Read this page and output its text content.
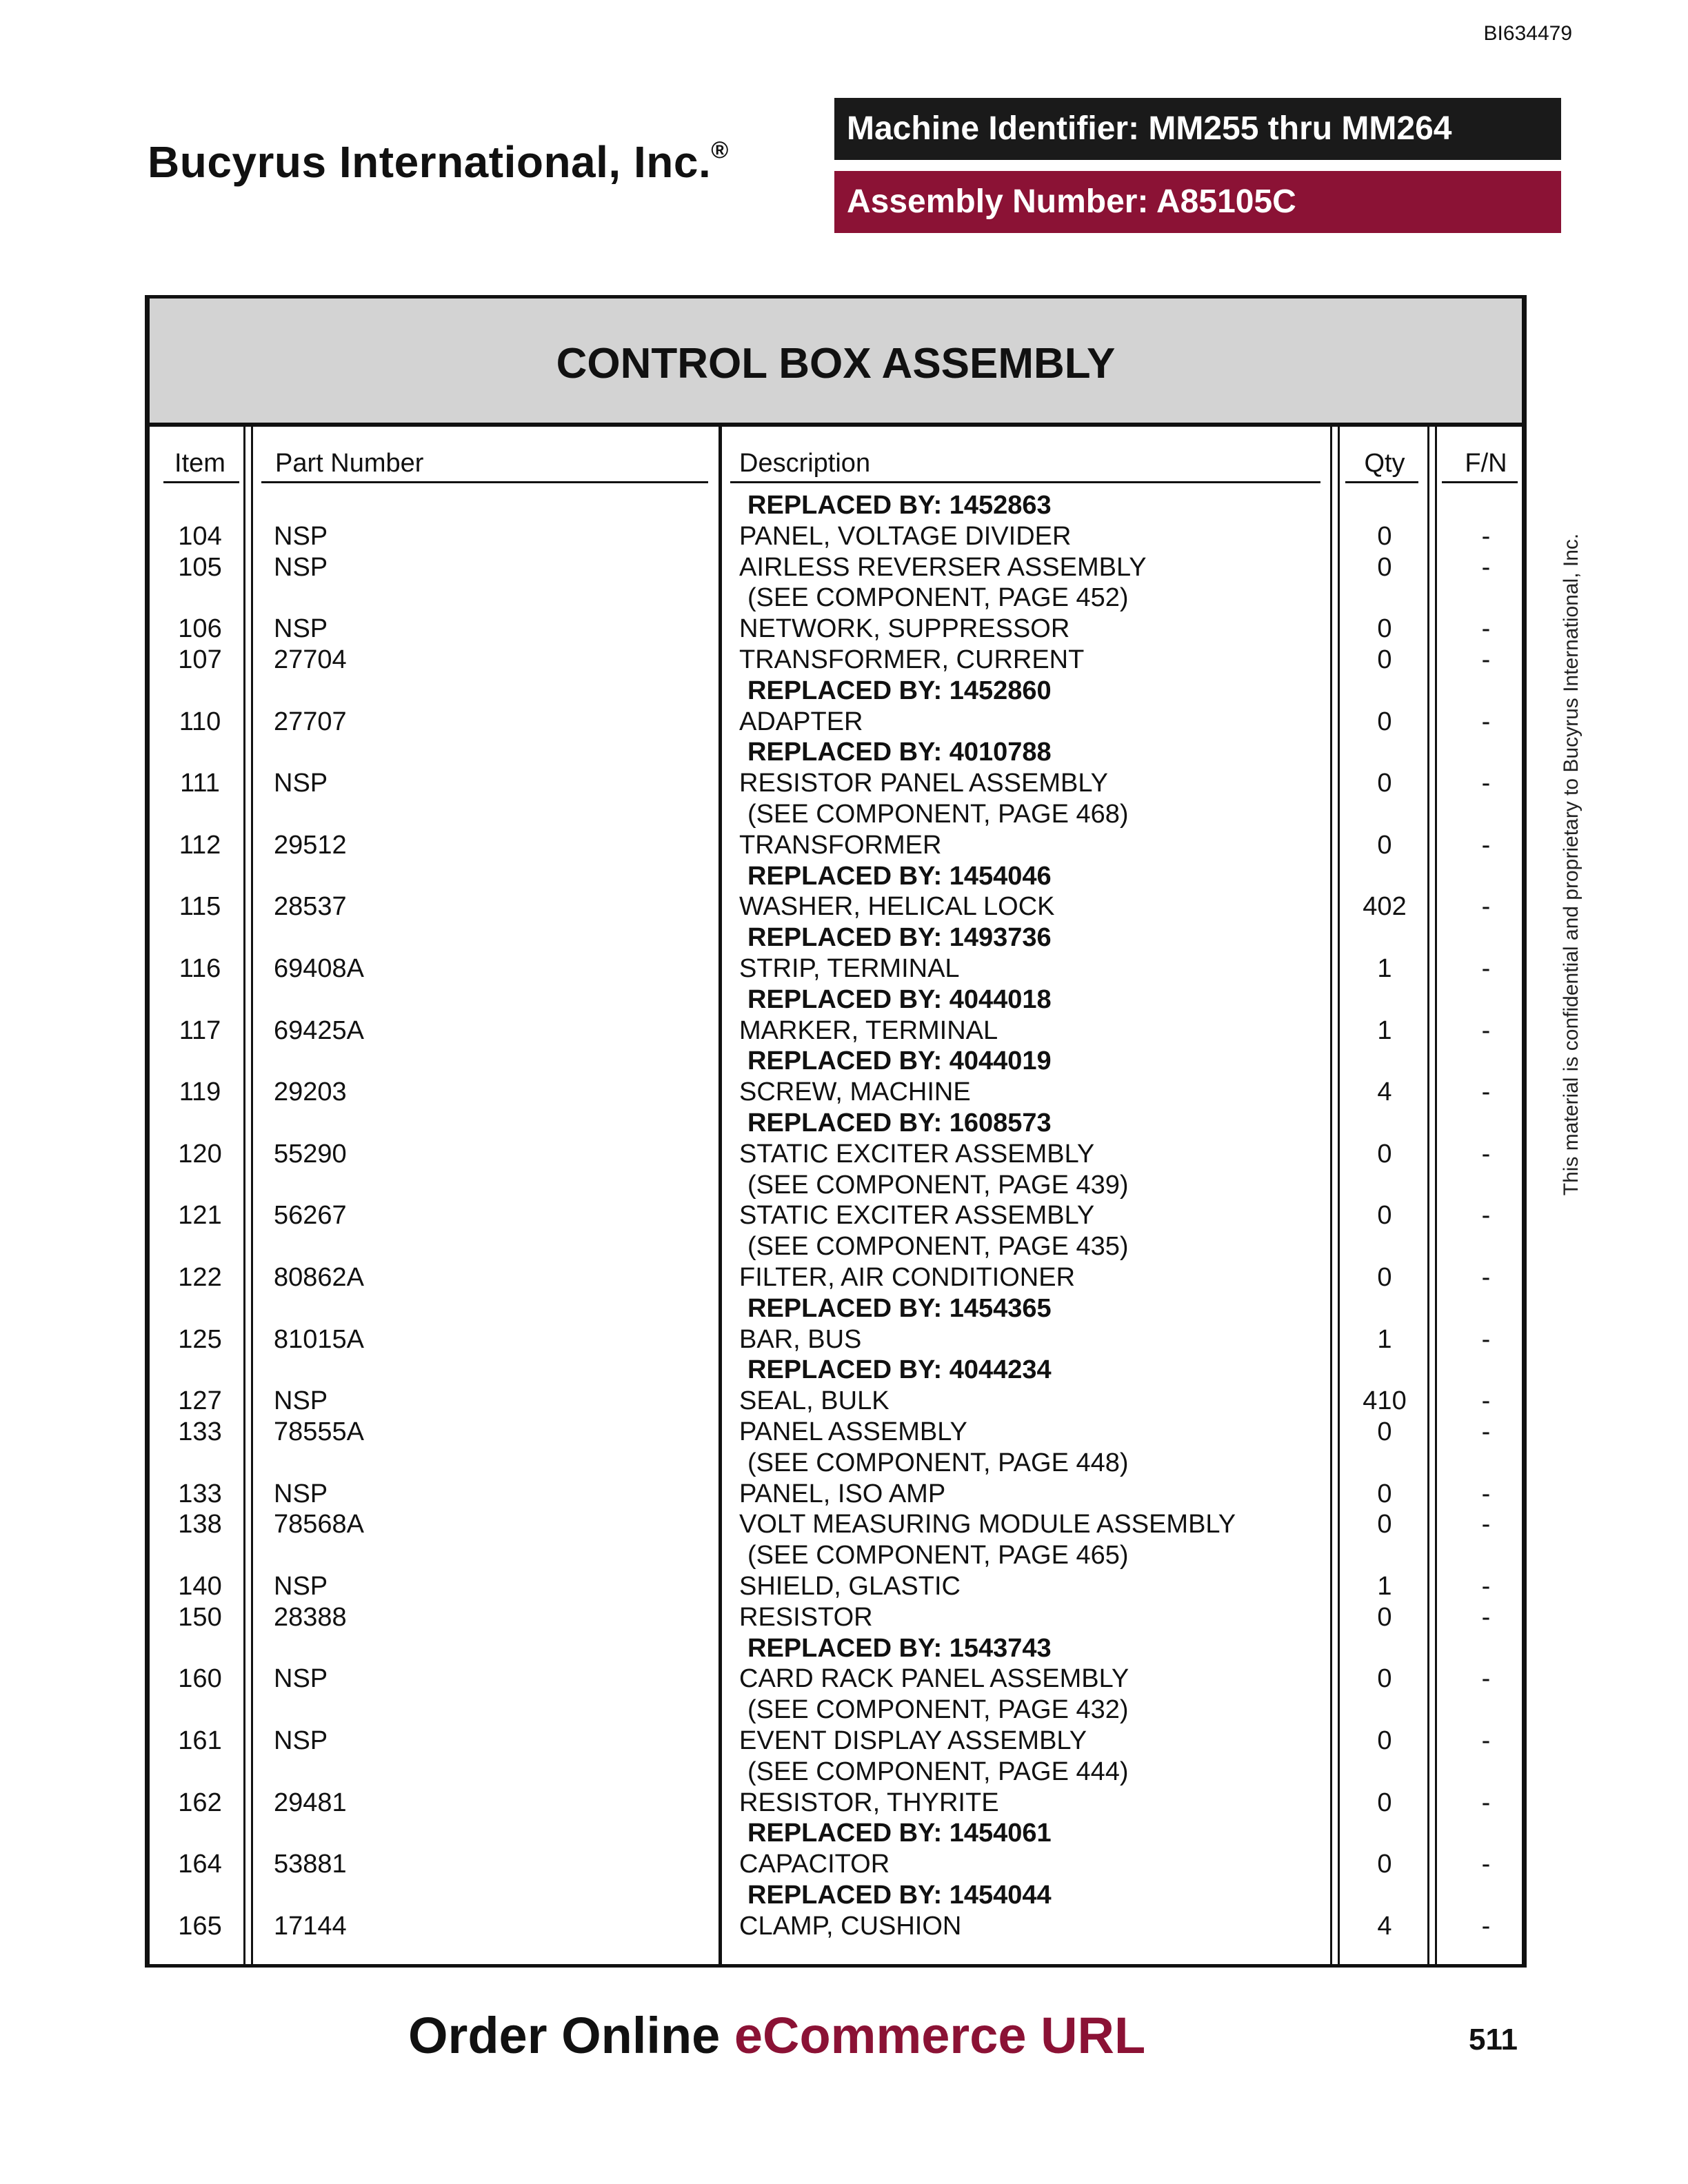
BI634479
Bucyrus International, Inc.®
Machine Identifier: MM255 thru MM264
Assembly Number: A85105C
CONTROL BOX ASSEMBLY
Item	Part Number	Description	Qty	F/N
REPLACED BY: 1452863
104	NSP	PANEL, VOLTAGE DIVIDER	0	-
105	NSP	AIRLESS REVERSER ASSEMBLY	0	-
(SEE COMPONENT, PAGE 452)
106	NSP	NETWORK, SUPPRESSOR	0	-
107	27704	TRANSFORMER, CURRENT	0	-
REPLACED BY: 1452860
110	27707	ADAPTER	0	-
REPLACED BY: 4010788
111	NSP	RESISTOR PANEL ASSEMBLY	0	-
(SEE COMPONENT, PAGE 468)
112	29512	TRANSFORMER	0	-
REPLACED BY: 1454046
115	28537	WASHER, HELICAL LOCK	402	-
REPLACED BY: 1493736
116	69408A	STRIP, TERMINAL	1	-
REPLACED BY: 4044018
117	69425A	MARKER, TERMINAL	1	-
REPLACED BY: 4044019
119	29203	SCREW, MACHINE	4	-
REPLACED BY: 1608573
120	55290	STATIC EXCITER ASSEMBLY	0	-
(SEE COMPONENT, PAGE 439)
121	56267	STATIC EXCITER ASSEMBLY	0	-
(SEE COMPONENT, PAGE 435)
122	80862A	FILTER, AIR CONDITIONER	0	-
REPLACED BY: 1454365
125	81015A	BAR, BUS	1	-
REPLACED BY: 4044234
127	NSP	SEAL, BULK	410	-
133	78555A	PANEL ASSEMBLY	0	-
(SEE COMPONENT, PAGE 448)
133	NSP	PANEL, ISO AMP	0	-
138	78568A	VOLT MEASURING MODULE ASSEMBLY	0	-
(SEE COMPONENT, PAGE 465)
140	NSP	SHIELD, GLASTIC	1	-
150	28388	RESISTOR	0	-
REPLACED BY: 1543743
160	NSP	CARD RACK PANEL ASSEMBLY	0	-
(SEE COMPONENT, PAGE 432)
161	NSP	EVENT DISPLAY ASSEMBLY	0	-
(SEE COMPONENT, PAGE 444)
162	29481	RESISTOR, THYRITE	0	-
REPLACED BY: 1454061
164	53881	CAPACITOR	0	-
REPLACED BY: 1454044
165	17144	CLAMP, CUSHION	4	-
This material is confidential and proprietary to Bucyrus International, Inc.
Order Online eCommerce URL	511
